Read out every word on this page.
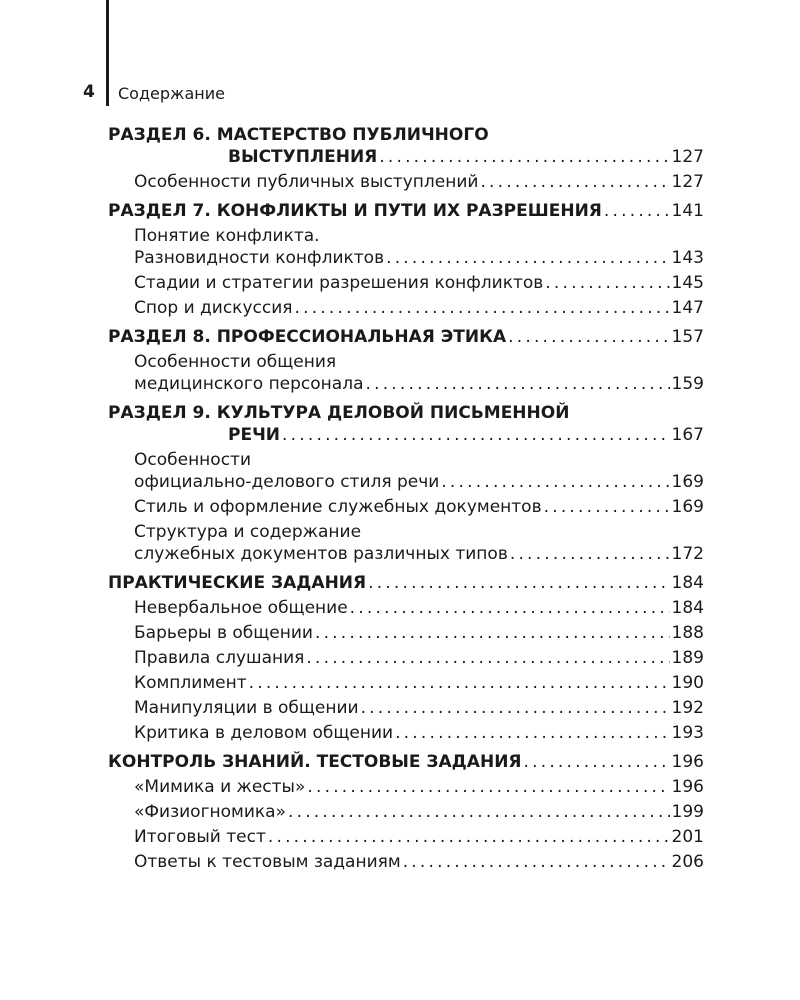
4 Содержание
РАЗДЕЛ 6. МАСТЕРСТВО ПУБЛИЧНОГО
ВЫСТУПЛЕНИЯ .....	127
Особенности публичных выступлений .....	127
РАЗДЕЛ 7. КОНФЛИКТЫ И ПУТИ ИХ РАЗРЕШЕНИЯ .....	141
Понятие конфликта.
Разновидности конфликтов .....	143
Стадии и стратегии разрешения конфликтов .....	145
Спор и дискуссия .....	147
РАЗДЕЛ 8. ПРОФЕССИОНАЛЬНАЯ ЭТИКА .....	157
Особенности общения
медицинского персонала .....	159
РАЗДЕЛ 9. КУЛЬТУРА ДЕЛОВОЙ ПИСЬМЕННОЙ
РЕЧИ .....	167
Особенности
официально-делового стиля речи .....	169
Стиль и оформление служебных документов .....	169
Структура и содержание
служебных документов различных типов .....	172
ПРАКТИЧЕСКИЕ ЗАДАНИЯ .....	184
Невербальное общение .....	184
Барьеры в общении .....	188
Правила слушания .....	189
Комплимент .....	190
Манипуляции в общении .....	192
Критика в деловом общении .....	193
КОНТРОЛЬ ЗНАНИЙ. ТЕСТОВЫЕ ЗАДАНИЯ .....	196
«Мимика и жесты» .....	196
«Физиогномика» .....	199
Итоговый тест .....	201
Ответы к тестовым заданиям .....	206
